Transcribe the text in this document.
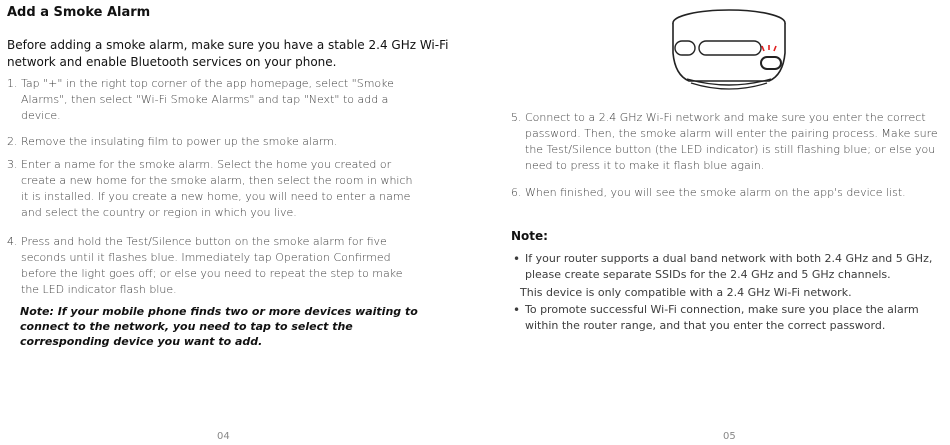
Add a Smoke Alarm
Before adding a smoke alarm, make sure you have a stable 2.4 GHz Wi-Fi network and enable Bluetooth services on your phone.
1. Tap "+" in the right top corner of the app homepage, select "Smoke Alarms", then select "Wi-Fi Smoke Alarms" and tap "Next" to add a device.
2. Remove the insulating film to power up the smoke alarm.
3. Enter a name for the smoke alarm. Select the home you created or create a new home for the smoke alarm, then select the room in which it is installed. If you create a new home, you will need to enter a name and select the country or region in which you live.
4. Press and hold the Test/Silence button on the smoke alarm for five seconds until it flashes blue. Immediately tap Operation Confirmed before the light goes off; or else you need to repeat the step to make the LED indicator flash blue.
Note: If your mobile phone finds two or more devices waiting to connect to the network, you need to tap to select the corresponding device you want to add.
04
5. Connect to a 2.4 GHz Wi-Fi network and make sure you enter the correct password. Then, the smoke alarm will enter the pairing process. Make sure the Test/Silence button (the LED indicator) is still flashing blue; or else you need to press it to make it flash blue again.
6. When finished, you will see the smoke alarm on the app's device list.
Note:
• If your router supports a dual band network with both 2.4 GHz and 5 GHz, please create separate SSIDs for the 2.4 GHz and 5 GHz channels.
This device is only compatible with a 2.4 GHz Wi-Fi network.
• To promote successful Wi-Fi connection, make sure you place the alarm within the router range, and that you enter the correct password.
05
